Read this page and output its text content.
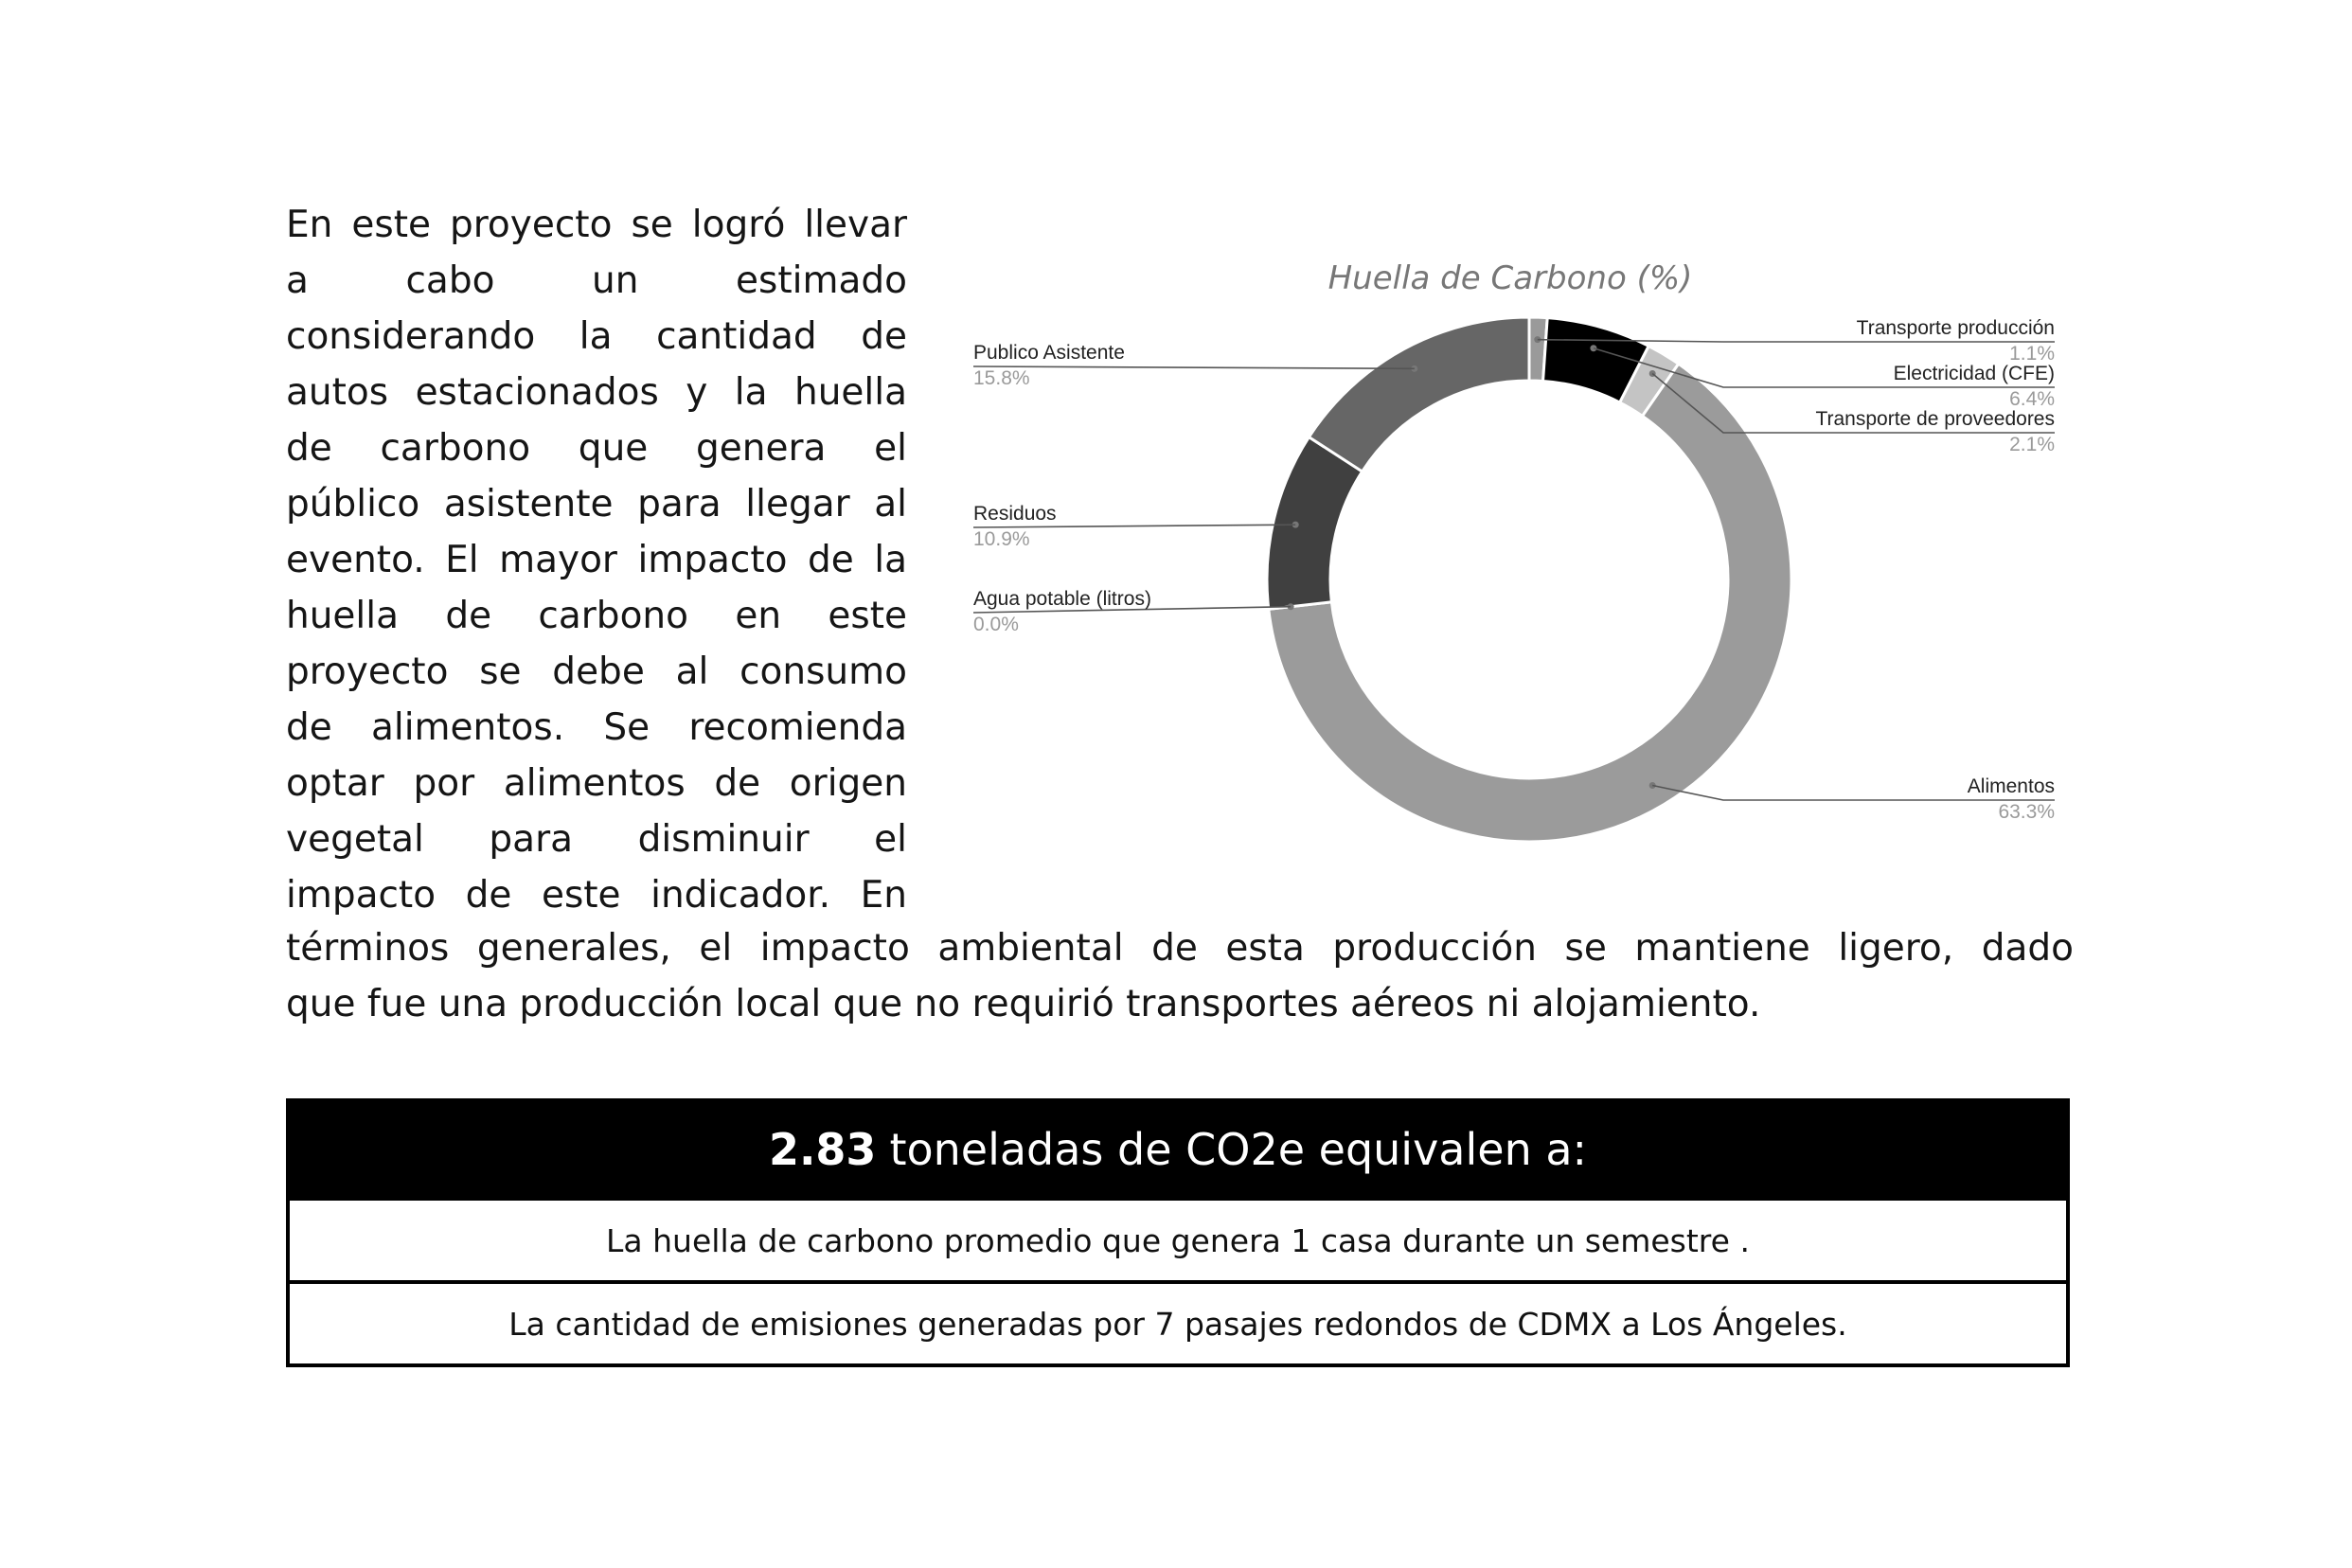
En este proyecto se logró llevar
a cabo un estimado
considerando la cantidad de
autos estacionados y la huella
de carbono que genera el
público asistente para llegar al
evento. El mayor impacto de la
huella de carbono en este
proyecto se debe al consumo
de alimentos. Se recomienda
optar por alimentos de origen
vegetal para disminuir el
impacto de este indicador. En
términos generales, el impacto ambiental de esta producción se mantiene ligero, dado
que fue una producción local que no requirió transportes aéreos ni alojamiento.
Huella de Carbono (%)
Transporte producción
1.1%
Electricidad (CFE)
6.4%
Transporte de proveedores
2.1%
Alimentos
63.3%
Agua potable (litros)
0.0%
Residuos
10.9%
Publico Asistente
15.8%
2.83 toneladas de CO2e equivalen a:
La huella de carbono promedio que genera 1 casa durante un semestre .
La cantidad de emisiones generadas por 7 pasajes redondos de CDMX a Los Ángeles.
